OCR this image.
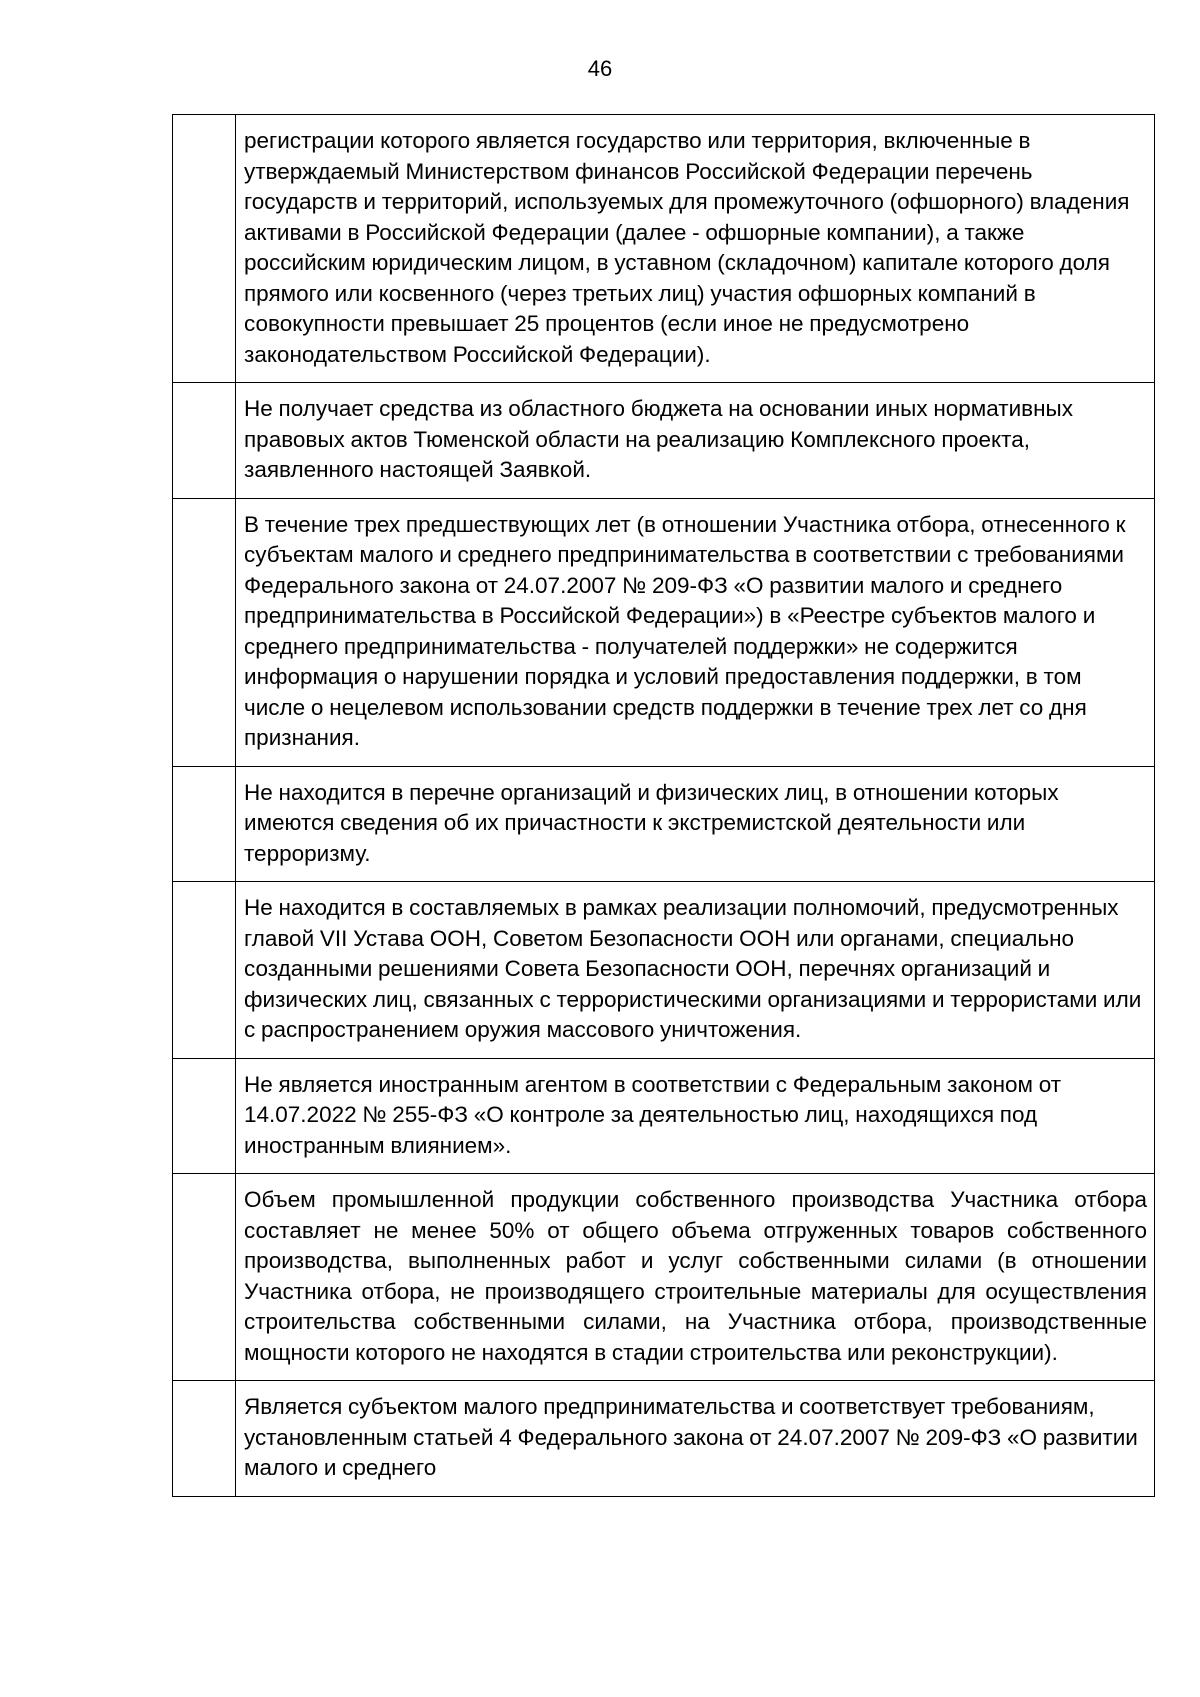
46
	регистрации которого является государство или территория, включенные в утверждаемый Министерством финансов Российской Федерации перечень государств и территорий, используемых для промежуточного (офшорного) владения активами в Российской Федерации (далее - офшорные компании), а также российским юридическим лицом, в уставном (складочном) капитале которого доля прямого или косвенного (через третьих лиц) участия офшорных компаний в совокупности превышает 25 процентов (если иное не предусмотрено законодательством Российской Федерации).
	Не получает средства из областного бюджета на основании иных нормативных правовых актов Тюменской области на реализацию Комплексного проекта, заявленного настоящей Заявкой.
	В течение трех предшествующих лет (в отношении Участника отбора, отнесенного к субъектам малого и среднего предпринимательства в соответствии с требованиями Федерального закона от 24.07.2007 № 209-ФЗ «О развитии малого и среднего предпринимательства в Российской Федерации») в «Реестре субъектов малого и среднего предпринимательства - получателей поддержки» не содержится информация о нарушении порядка и условий предоставления поддержки, в том числе о нецелевом использовании средств поддержки в течение трех лет со дня признания.
	Не находится в перечне организаций и физических лиц, в отношении которых имеются сведения об их причастности к экстремистской деятельности или терроризму.
	Не находится в составляемых в рамках реализации полномочий, предусмотренных главой VII Устава ООН, Советом Безопасности ООН или органами, специально созданными решениями Совета Безопасности ООН, перечнях организаций и физических лиц, связанных с террористическими организациями и террористами или с распространением оружия массового уничтожения.
	Не является иностранным агентом в соответствии с Федеральным законом от 14.07.2022 № 255-ФЗ «О контроле за деятельностью лиц, находящихся под иностранным влиянием».
	Объем промышленной продукции собственного производства Участника отбора составляет не менее 50% от общего объема отгруженных товаров собственного производства, выполненных работ и услуг собственными силами (в отношении Участника отбора, не производящего строительные материалы для осуществления строительства собственными силами, на Участника отбора, производственные мощности которого не находятся в стадии строительства или реконструкции).
	Является субъектом малого предпринимательства и соответствует требованиям, установленным статьей 4 Федерального закона от 24.07.2007 № 209-ФЗ «О развитии малого и среднего
